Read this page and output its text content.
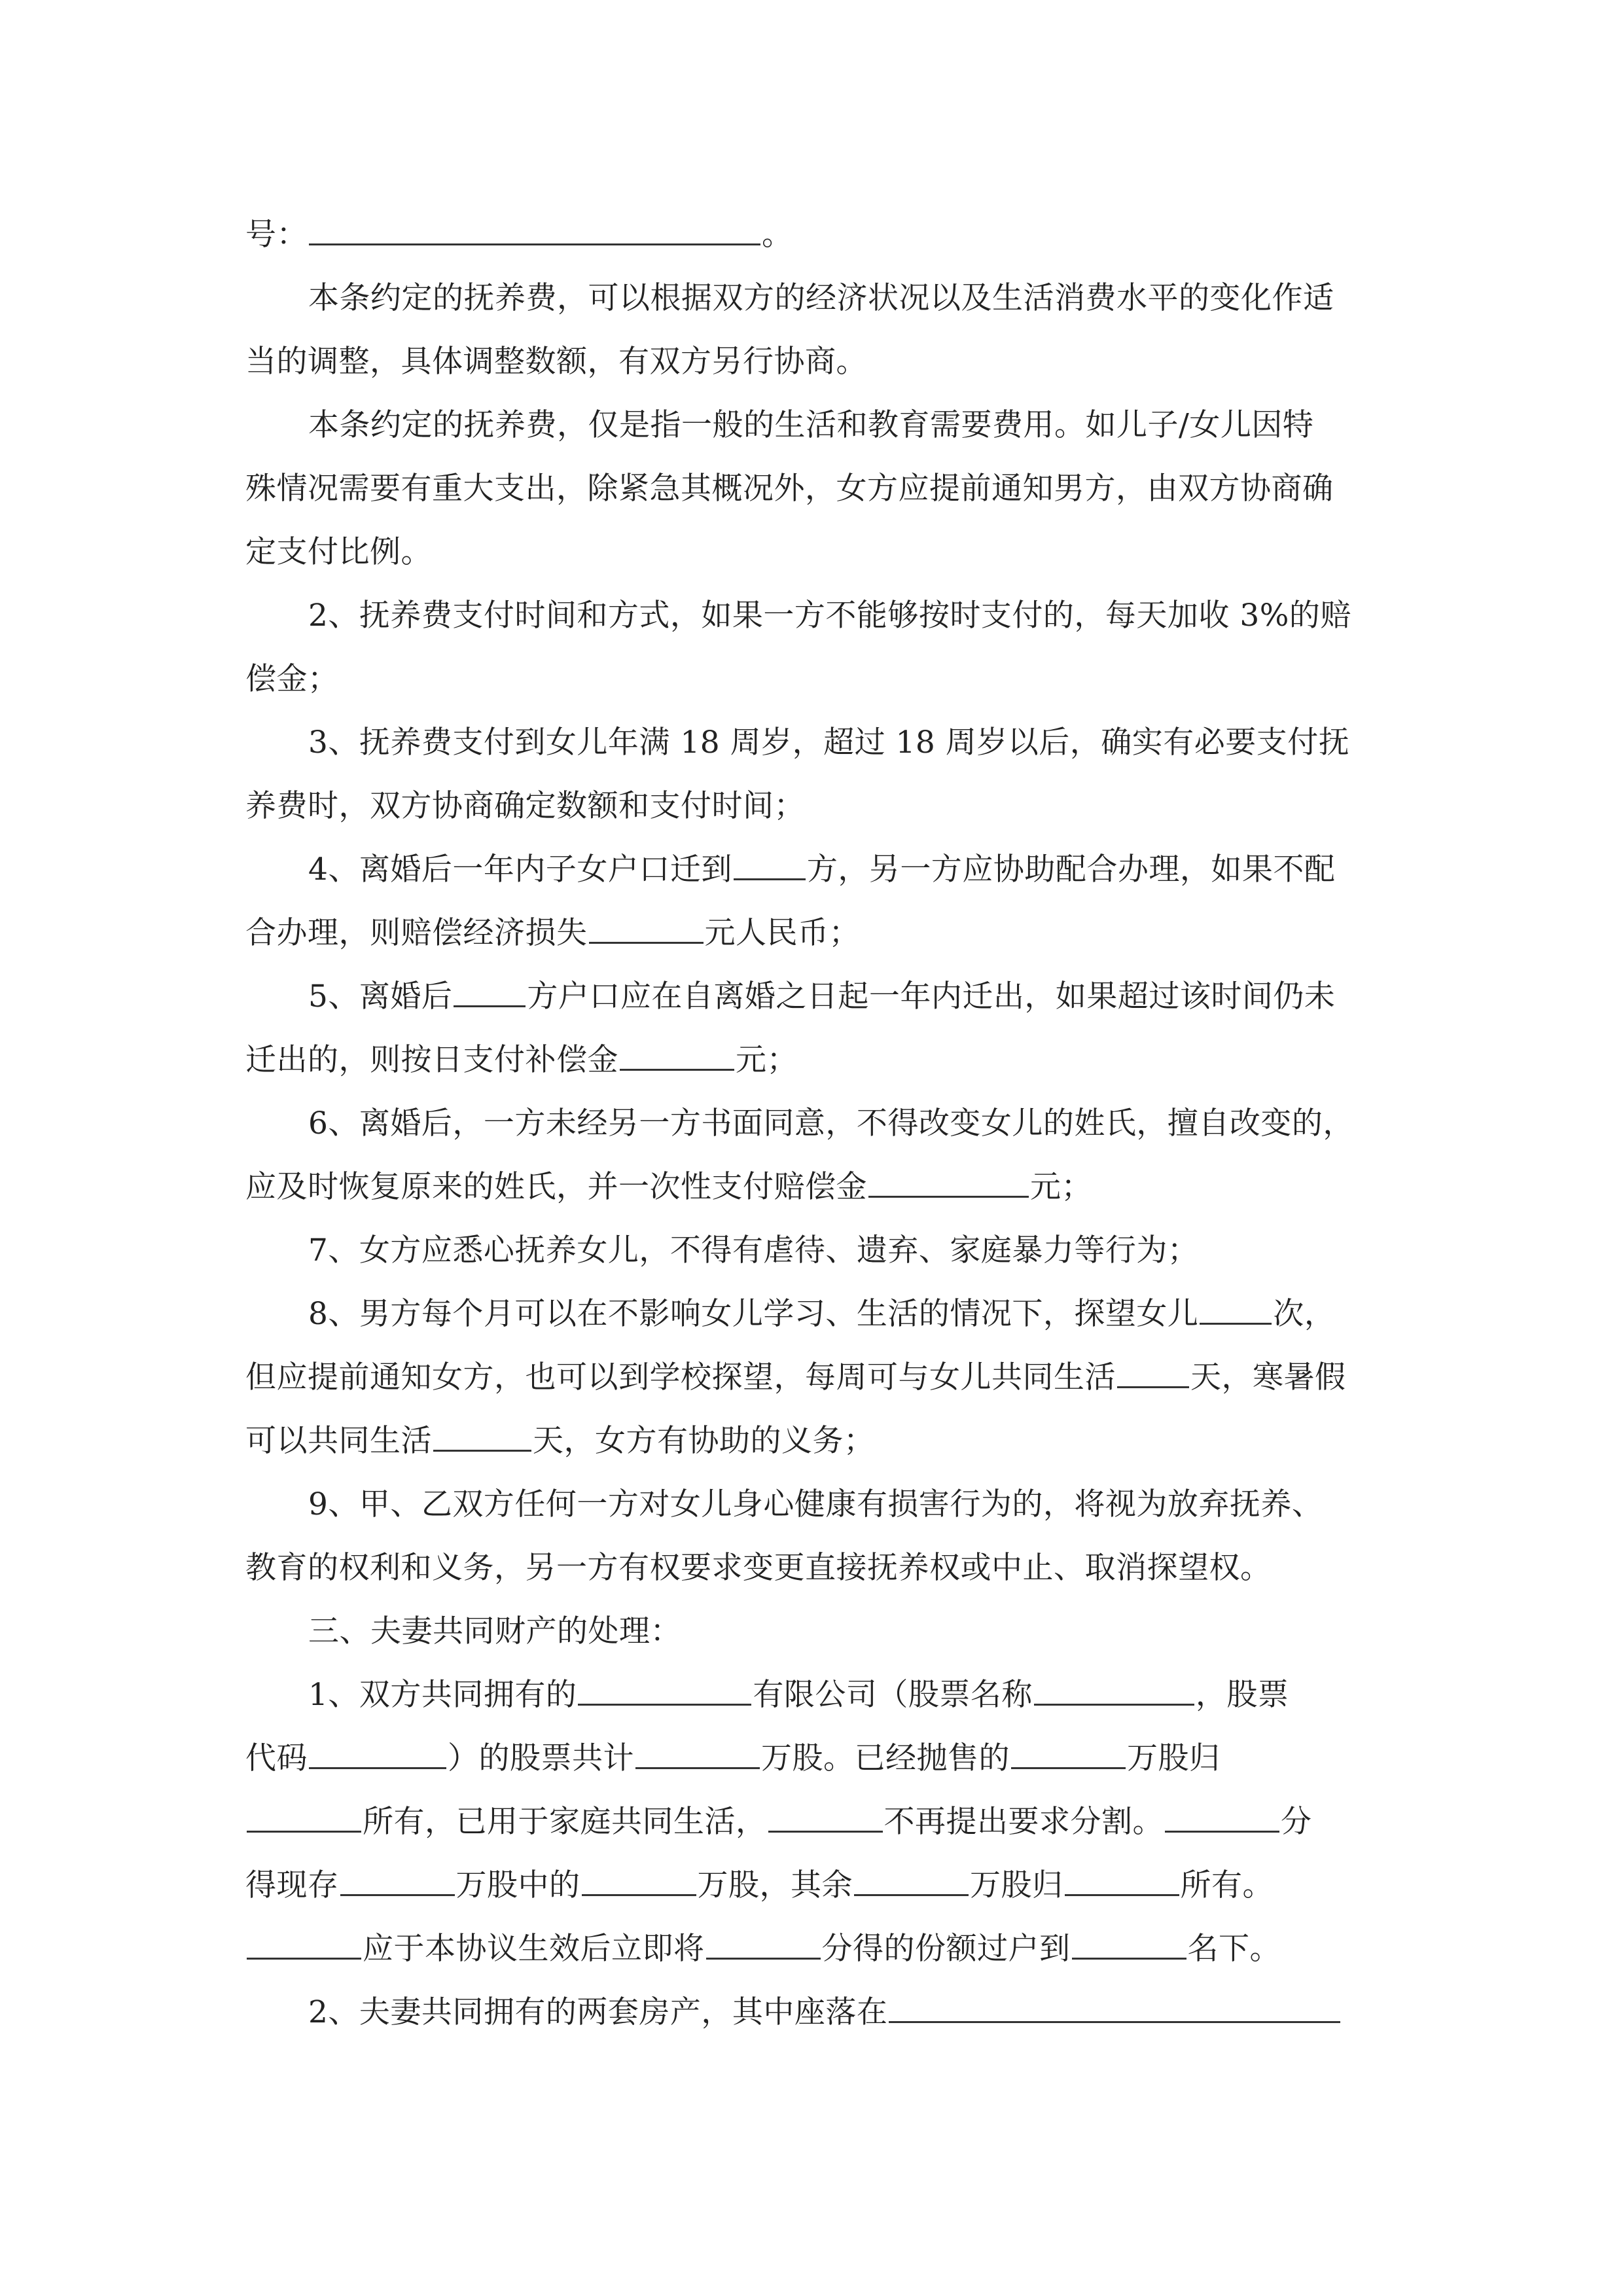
号：	。
本条约定的抚养费，可以根据双方的经济状况以及生活消费水平的变化作适
当的调整，具体调整数额，有双方另行协商。
本条约定的抚养费，仅是指一般的生活和教育需要费用。如儿子/女儿因特
殊情况需要有重大支出，除紧急其概况外，女方应提前通知男方，由双方协商确
定支付比例。
2、抚养费支付时间和方式，如果一方不能够按时支付的，每天加收 3%的赔
偿金；
3、抚养费支付到女儿年满 18 周岁，超过 18 周岁以后，确实有必要支付抚
养费时，双方协商确定数额和支付时间；
4、离婚后一年内子女户口迁到 方，另一方应协助配合办理，如果不配
合办理，则赔偿经济损失	元人民币；
5、离婚后 方户口应在自离婚之日起一年内迁出，如果超过该时间仍未
迁出的，则按日支付补偿金	元；
6、离婚后，一方未经另一方书面同意，不得改变女儿的姓氏，擅自改变的，
应及时恢复原来的姓氏，并一次性支付赔偿金	元；
7、女方应悉心抚养女儿，不得有虐待、遗弃、家庭暴力等行为；
8、男方每个月可以在不影响女儿学习、生活的情况下，探望女儿 次，
但应提前通知女方，也可以到学校探望，每周可与女儿共同生活 天，寒暑假
可以共同生活	天，女方有协助的义务；
9、甲、乙双方任何一方对女儿身心健康有损害行为的，将视为放弃抚养、
教育的权利和义务，另一方有权要求变更直接抚养权或中止、取消探望权。
三、夫妻共同财产的处理：
1、双方共同拥有的	有限公司（股票名称	，股票
代码	）的股票共计	万股。已经抛售的	万股归
所有，已用于家庭共同生活，	不再提出要求分割。	分
得现存	万股中的	万股，其余	万股归	所有。
应于本协议生效后立即将	分得的份额过户到	名下。
2、夫妻共同拥有的两套房产，其中座落在
